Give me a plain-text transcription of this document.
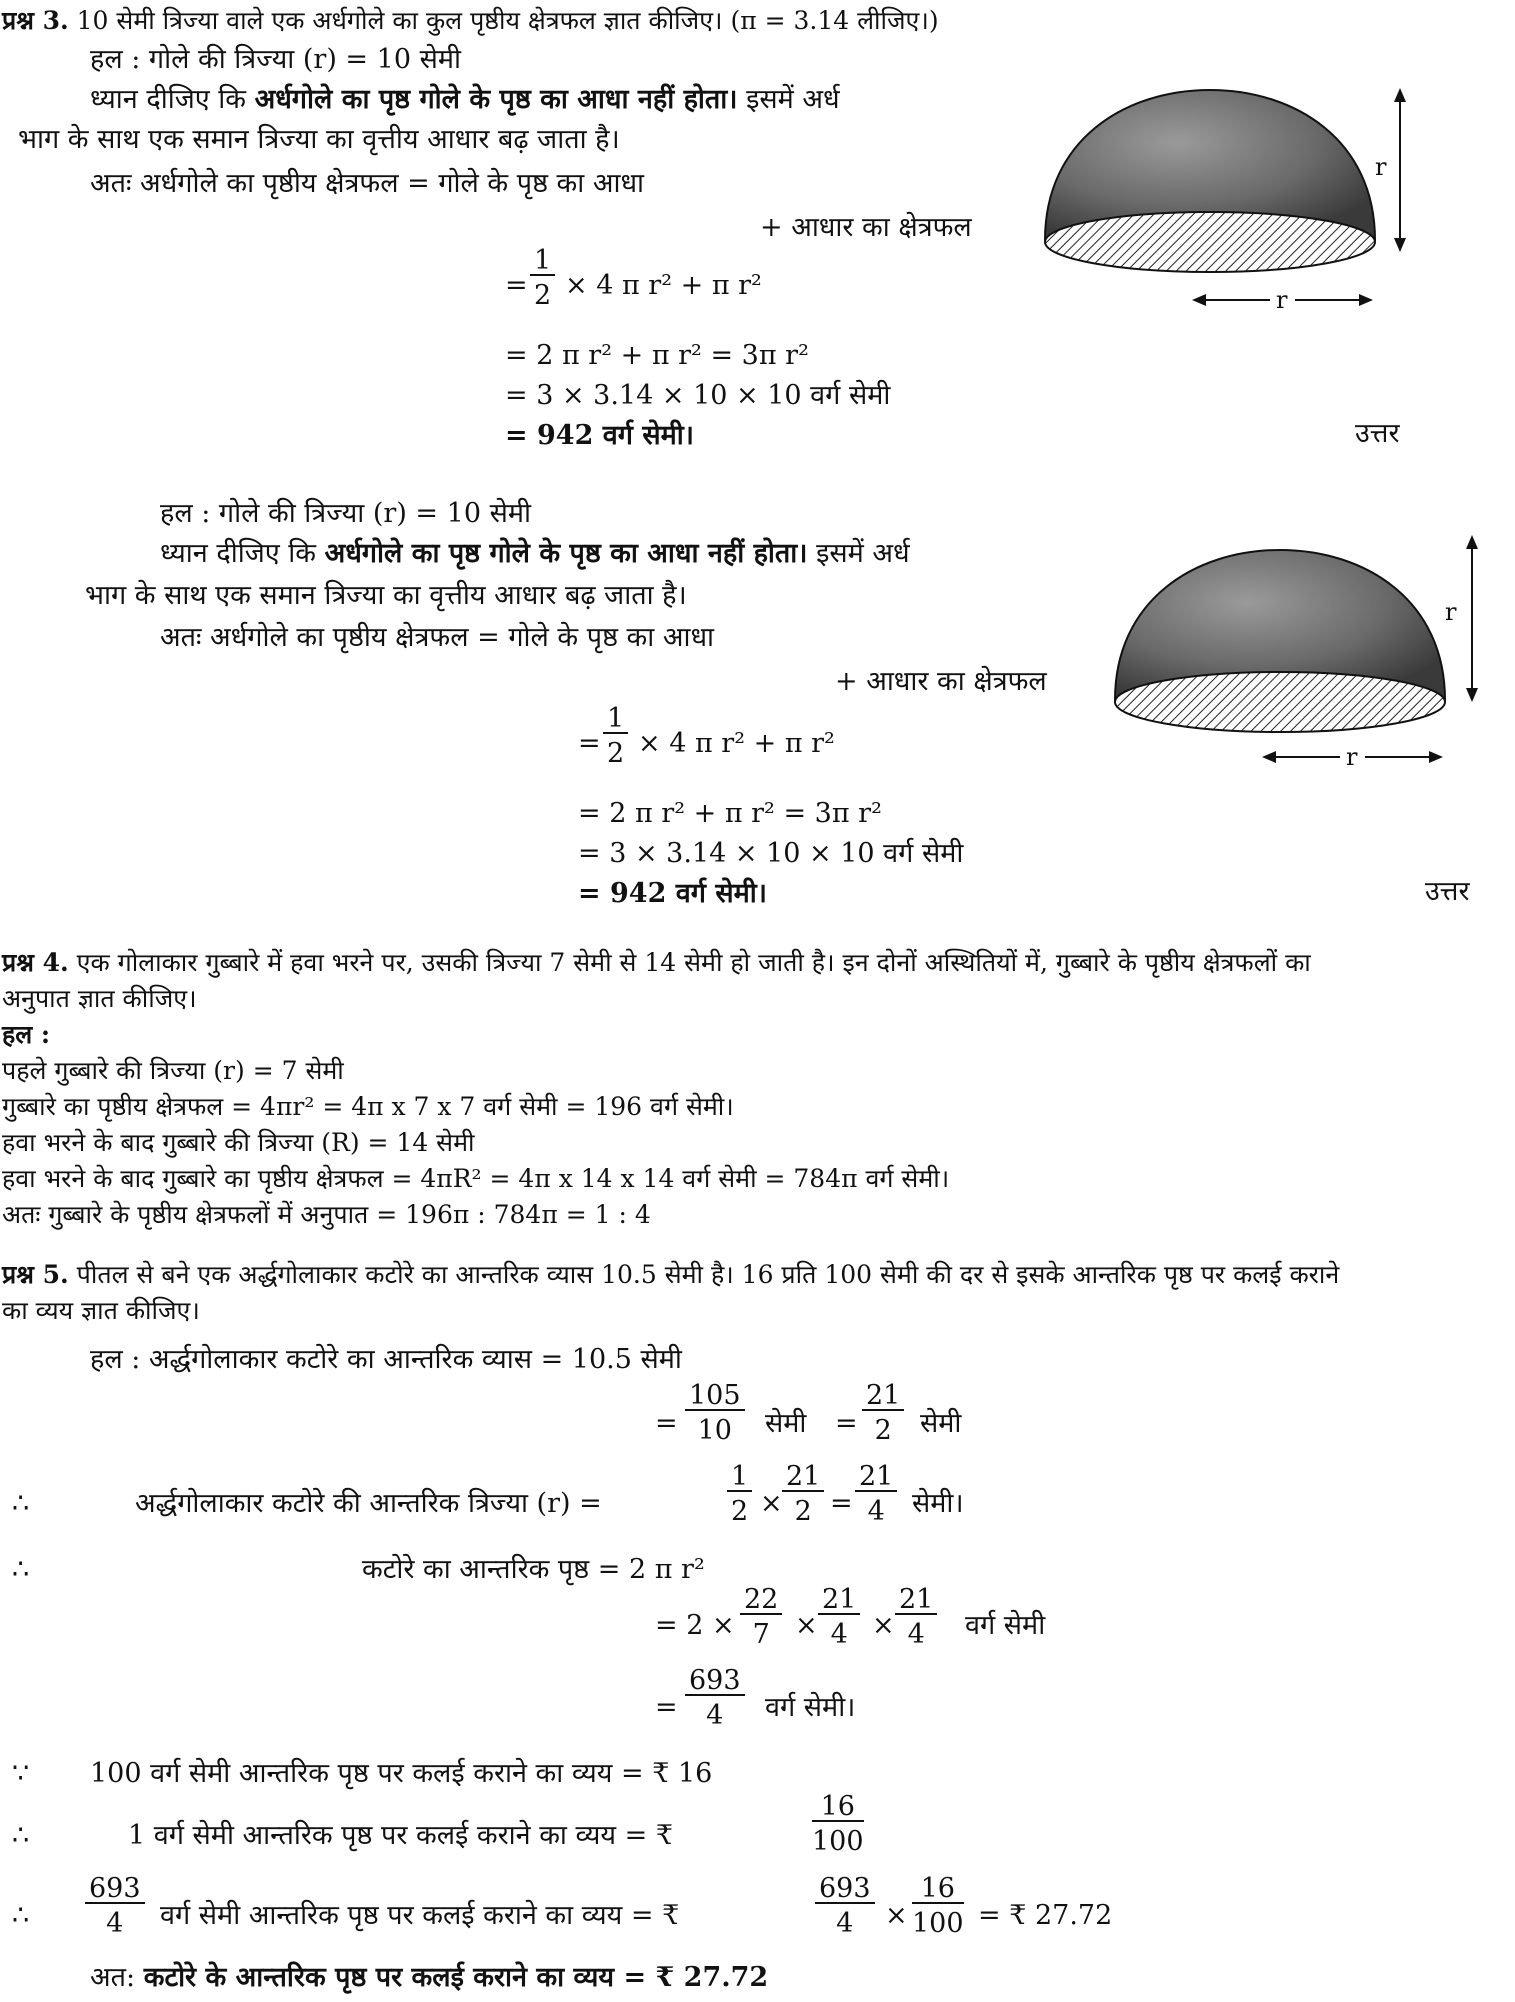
प्रश्न 3. 10 सेमी त्रिज्या वाले एक अर्धगोले का कुल पृष्ठीय क्षेत्रफल ज्ञात कीजिए। (π = 3.14 लीजिए।)
हल : गोले की त्रिज्या (r) = 10 सेमी
ध्यान दीजिए कि अर्धगोले का पृष्ठ गोले के पृष्ठ का आधा नहीं होता। इसमें अर्ध
भाग के साथ एक समान त्रिज्या का वृत्तीय आधार बढ़ जाता है।
अतः अर्धगोले का पृष्ठीय क्षेत्रफल = गोले के पृष्ठ का आधा
+ आधार का क्षेत्रफल
= $\frac{1}{2} \times 4$ π r² + π r²
= 2 π r² + π r² = 3π r²
= 3 × 3.14 × 10 × 10 वर्ग सेमी
= 942 वर्ग सेमी।	उत्तर
r
r
हल : गोले की त्रिज्या (r) = 10 सेमी
ध्यान दीजिए कि अर्धगोले का पृष्ठ गोले के पृष्ठ का आधा नहीं होता। इसमें अर्ध
भाग के साथ एक समान त्रिज्या का वृत्तीय आधार बढ़ जाता है।
अतः अर्धगोले का पृष्ठीय क्षेत्रफल = गोले के पृष्ठ का आधा
+ आधार का क्षेत्रफल
= $\frac{1}{2} \times 4$ π r² + π r²
= 2 π r² + π r² = 3π r²
= 3 × 3.14 × 10 × 10 वर्ग सेमी
= 942 वर्ग सेमी।	उत्तर
r
r
प्रश्न 4. एक गोलाकार गुब्बारे में हवा भरने पर, उसकी त्रिज्या 7 सेमी से 14 सेमी हो जाती है। इन दोनों अस्थितियों में, गुब्बारे के पृष्ठीय क्षेत्रफलों का
अनुपात ज्ञात कीजिए।
हल :
पहले गुब्बारे की त्रिज्या (r) = 7 सेमी
गुब्बारे का पृष्ठीय क्षेत्रफल = 4πr² = 4π x 7 x 7 वर्ग सेमी = 196 वर्ग सेमी।
हवा भरने के बाद गुब्बारे की त्रिज्या (R) = 14 सेमी
हवा भरने के बाद गुब्बारे का पृष्ठीय क्षेत्रफल = 4πR² = 4π x 14 x 14 वर्ग सेमी = 784π वर्ग सेमी।
अतः गुब्बारे के पृष्ठीय क्षेत्रफलों में अनुपात = 196π : 784π = 1 : 4
प्रश्न 5. पीतल से बने एक अर्द्धगोलाकार कटोरे का आन्तरिक व्यास 10.5 सेमी है। 16 प्रति 100 सेमी की दर से इसके आन्तरिक पृष्ठ पर कलई कराने
का व्यय ज्ञात कीजिए।
हल : अर्द्धगोलाकार कटोरे का आन्तरिक व्यास = 10.5 सेमी
= $\frac{105}{10}$ सेमी = $\frac{21}{2}$ सेमी
∴	अर्द्धगोलाकार कटोरे की आन्तरिक त्रिज्या (r) =	$\frac{1}{2} \times \frac{21}{2} = \frac{21}{4}$ सेमी।
∴	कटोरे का आन्तरिक पृष्ठ = 2 π r²
= $2 \times \frac{22}{7} \times \frac{21}{4} \times \frac{21}{4}$ वर्ग सेमी
= $\frac{693}{4}$ वर्ग सेमी।
∵ 100 वर्ग सेमी आन्तरिक पृष्ठ पर कलई कराने का व्यय = ₹ 16
∴	1 वर्ग सेमी आन्तरिक पृष्ठ पर कलई कराने का व्यय = ₹	$\frac{16}{100}$
∴ $\frac{693}{4}$ वर्ग सेमी आन्तरिक पृष्ठ पर कलई कराने का व्यय = ₹	$\frac{693}{4} \times \frac{16}{100}$ = ₹ 27.72
अत: कटोरे के आन्तरिक पृष्ठ पर कलई कराने का व्यय = ₹ 27.72
